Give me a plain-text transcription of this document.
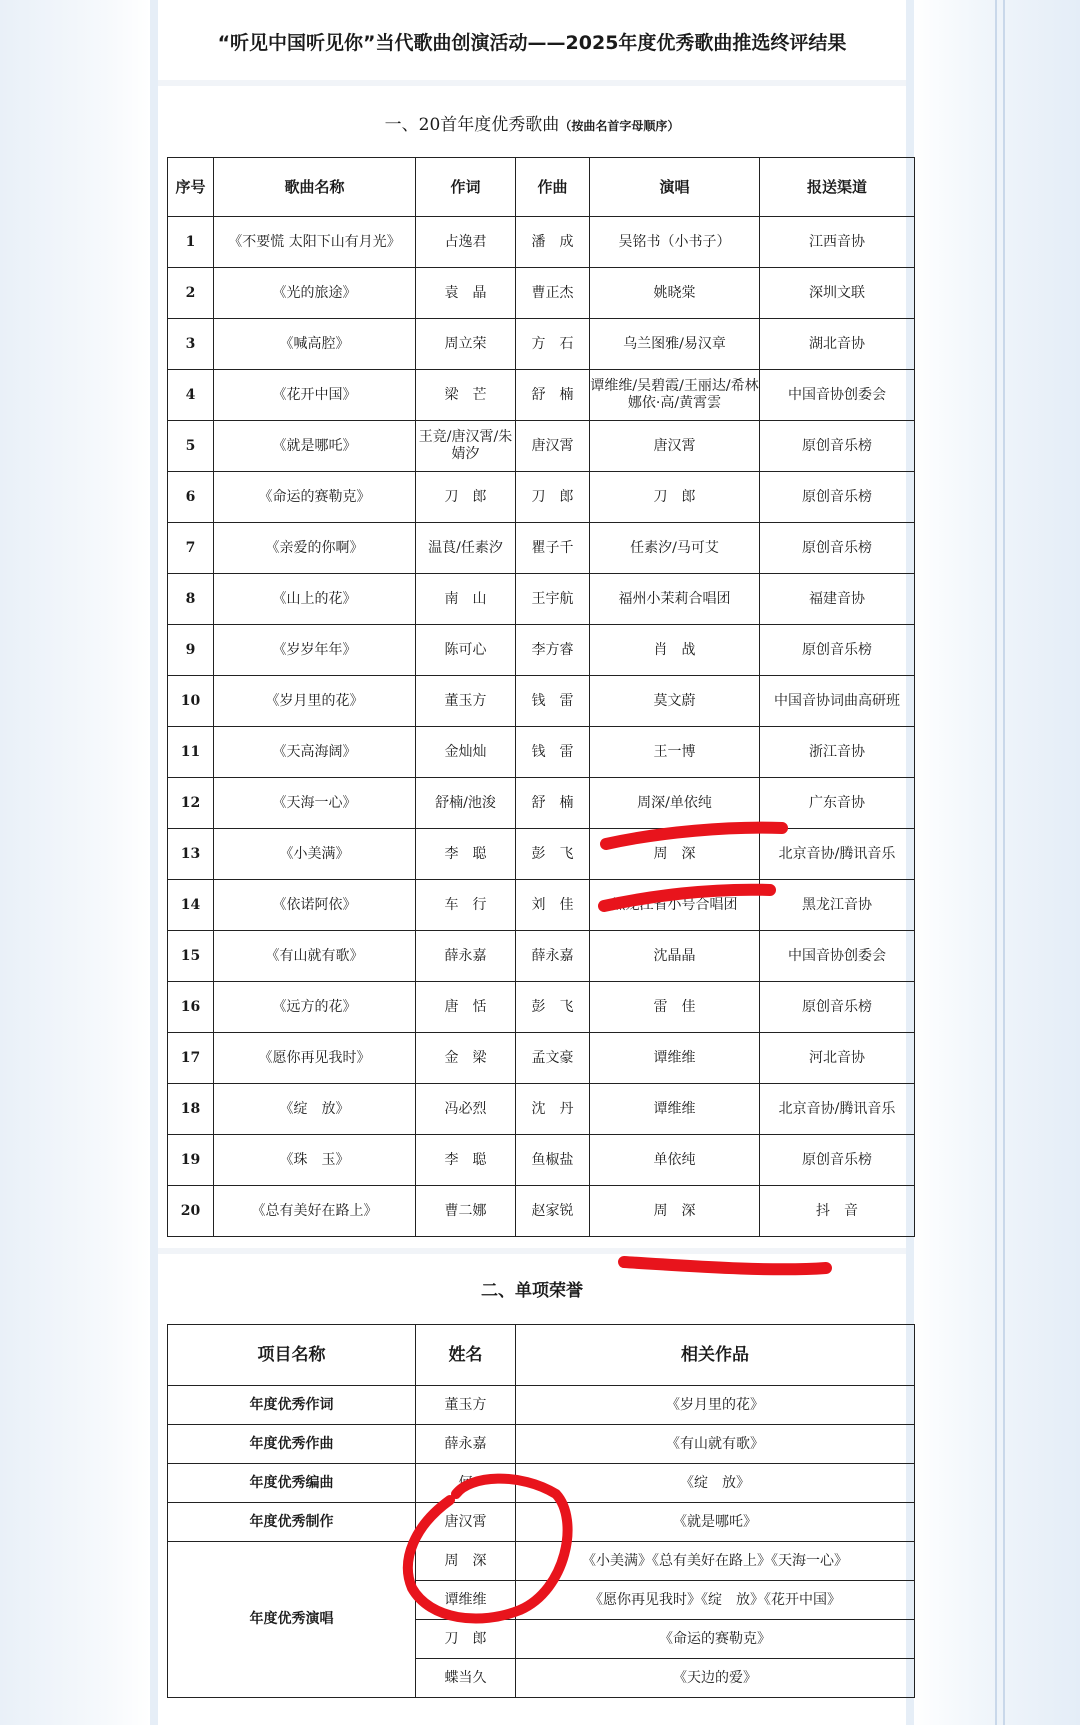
“听见中国听见你”当代歌曲创演活动——2025年度优秀歌曲推选终评结果
一、20首年度优秀歌曲（按曲名首字母顺序）
序号	歌曲名称	作词	作曲	演唱	报送渠道
1	《不要慌 太阳下山有月光》	占逸君	潘　成	吴铭书（小书子）	江西音协
2	《光的旅途》	袁　晶	曹正杰	姚晓棠	深圳文联
3	《喊高腔》	周立荣	方　石	乌兰图雅/易汉章	湖北音协
4	《花开中国》	梁　芒	舒　楠	谭维维/吴碧霞/王丽达/希林娜依·高/黄霄雲	中国音协创委会
5	《就是哪吒》	王竞/唐汉霄/朱婧汐	唐汉霄	唐汉霄	原创音乐榜
6	《命运的赛勒克》	刀　郎	刀　郎	刀　郎	原创音乐榜
7	《亲爱的你啊》	温茛/任素汐	瞿子千	任素汐/马可艾	原创音乐榜
8	《山上的花》	南　山	王宇航	福州小茉莉合唱团	福建音协
9	《岁岁年年》	陈可心	李方睿	肖　战	原创音乐榜
10	《岁月里的花》	董玉方	钱　雷	莫文蔚	中国音协词曲高研班
11	《天高海阔》	金灿灿	钱　雷	王一博	浙江音协
12	《天海一心》	舒楠/池浚	舒　楠	周深/单依纯	广东音协
13	《小美满》	李　聪	彭　飞	周　深	北京音协/腾讯音乐
14	《依诺阿依》	车　行	刘　佳	黑龙江省小号合唱团	黑龙江音协
15	《有山就有歌》	薛永嘉	薛永嘉	沈晶晶	中国音协创委会
16	《远方的花》	唐　恬	彭　飞	雷　佳	原创音乐榜
17	《愿你再见我时》	金　梁	孟文豪	谭维维	河北音协
18	《绽　放》	冯必烈	沈　丹	谭维维	北京音协/腾讯音乐
19	《珠　玉》	李　聪	鱼椒盐	单依纯	原创音乐榜
20	《总有美好在路上》	曹二娜	赵家锐	周　深	抖　音
二、单项荣誉
项目名称	姓名	相关作品
年度优秀作词	董玉方	《岁月里的花》
年度优秀作曲	薛永嘉	《有山就有歌》
年度优秀编曲	何	《绽　放》
年度优秀制作	唐汉霄	《就是哪吒》
年度优秀演唱	周　深	《小美满》《总有美好在路上》《天海一心》
	谭维维	《愿你再见我时》《绽　放》《花开中国》
	刀　郎	《命运的赛勒克》
	蝶当久	《天边的爱》
